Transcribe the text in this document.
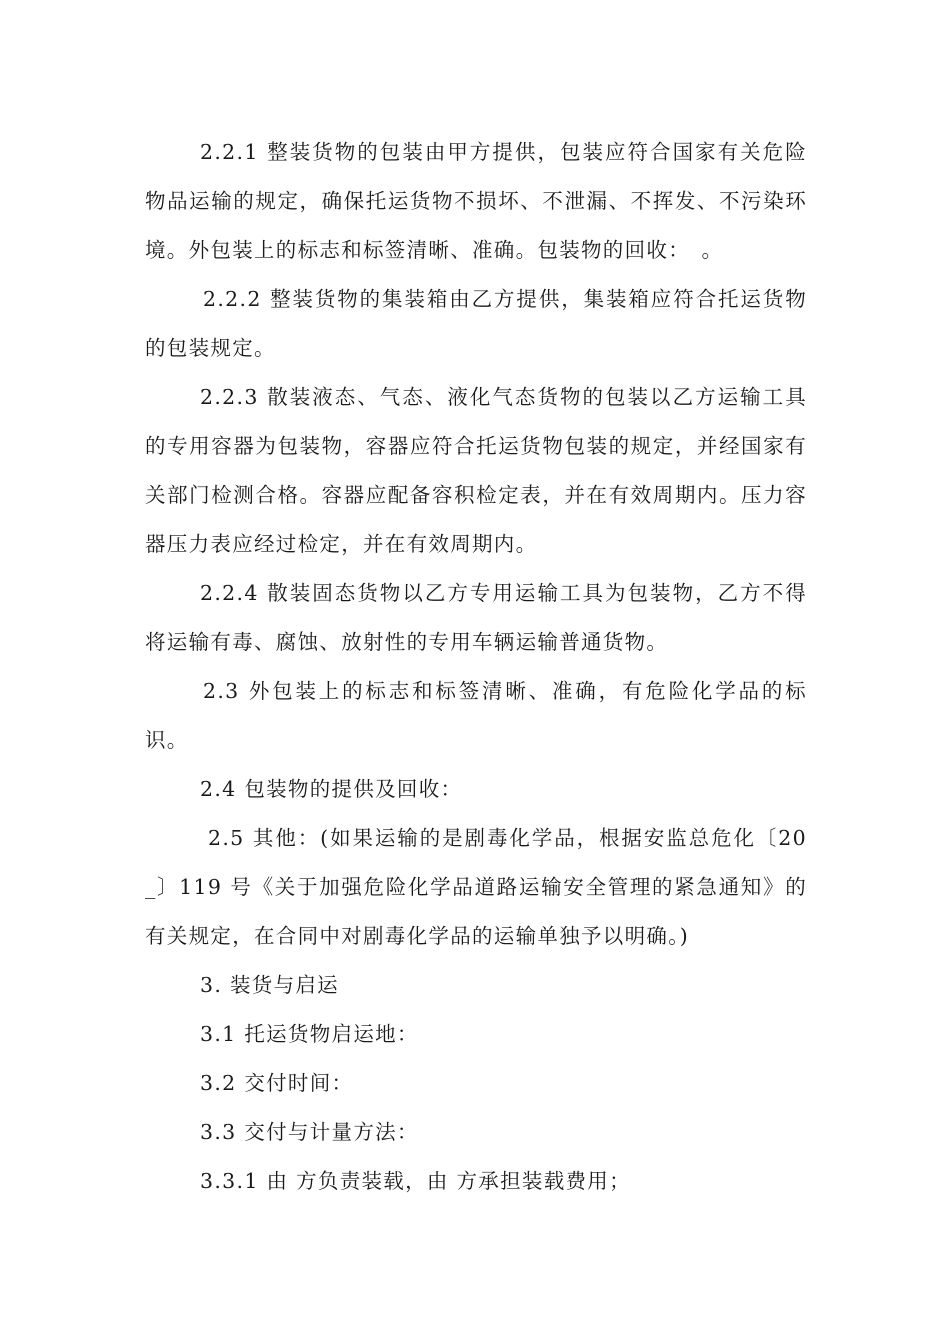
2.2.1 整装货物的包装由甲方提供，包装应符合国家有关危险物品运输的规定，确保托运货物不损坏、不泄漏、不挥发、不污染环境。外包装上的标志和标签清晰、准确。包装物的回收：　。

2.2.2 整装货物的集装箱由乙方提供，集装箱应符合托运货物的包装规定。

2.2.3 散装液态、气态、液化气态货物的包装以乙方运输工具的专用容器为包装物，容器应符合托运货物包装的规定，并经国家有关部门检测合格。容器应配备容积检定表，并在有效周期内。压力容器压力表应经过检定，并在有效周期内。

2.2.4 散装固态货物以乙方专用运输工具为包装物，乙方不得将运输有毒、腐蚀、放射性的专用车辆运输普通货物。

2.3 外包装上的标志和标签清晰、准确，有危险化学品的标识。

2.4 包装物的提供及回收：

2.5 其他：(如果运输的是剧毒化学品，根据安监总危化〔20_〕119 号《关于加强危险化学品道路运输安全管理的紧急通知》的有关规定，在合同中对剧毒化学品的运输单独予以明确。)

3. 装货与启运

3.1 托运货物启运地：

3.2 交付时间：

3.3 交付与计量方法：

3.3.1 由 方负责装载，由 方承担装载费用；
